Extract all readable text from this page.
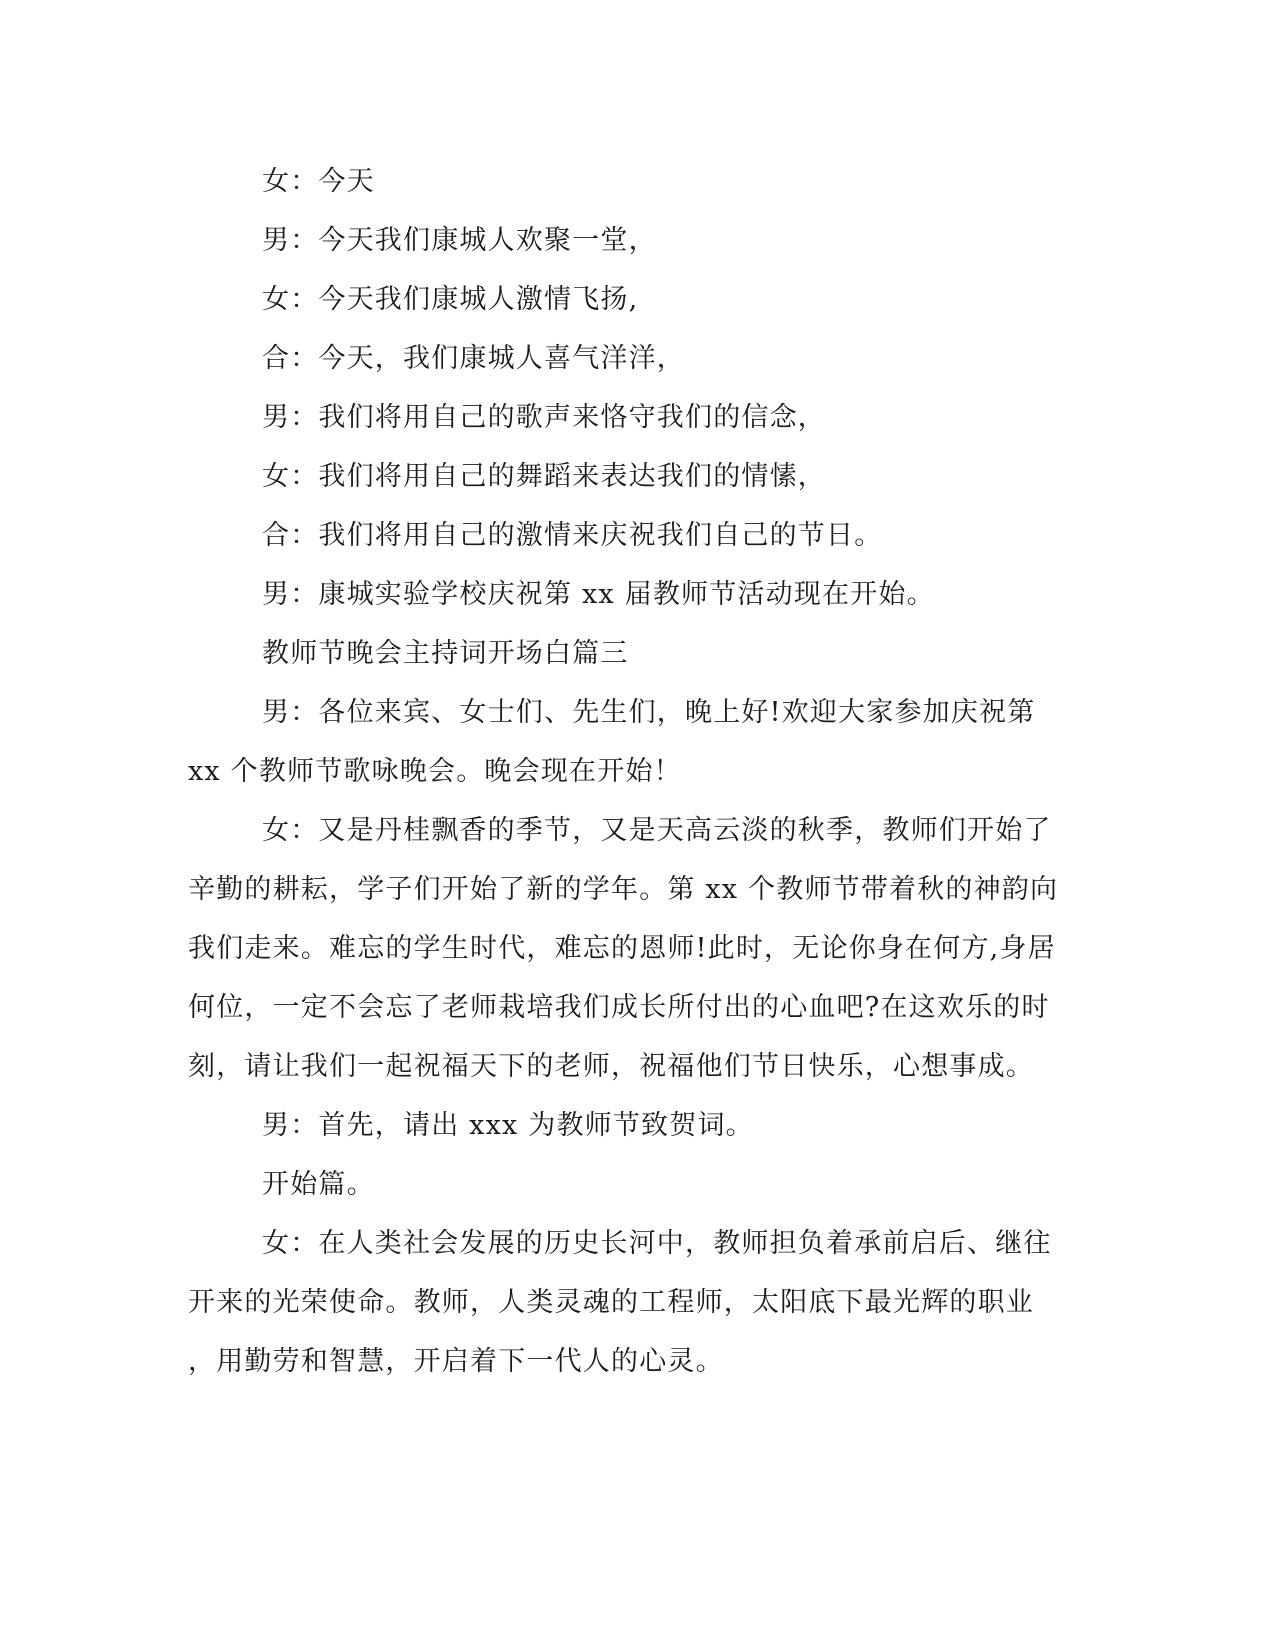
女：今天
男：今天我们康城人欢聚一堂，
女：今天我们康城人激情飞扬,
合：今天，我们康城人喜气洋洋，
男：我们将用自己的歌声来恪守我们的信念，
女：我们将用自己的舞蹈来表达我们的情愫，
合：我们将用自己的激情来庆祝我们自己的节日。
男：康城实验学校庆祝第 xx 届教师节活动现在开始。
教师节晚会主持词开场白篇三
男：各位来宾、女士们、先生们，晚上好!欢迎大家参加庆祝第
xx 个教师节歌咏晚会。晚会现在开始！
女：又是丹桂飘香的季节，又是天高云淡的秋季，教师们开始了
辛勤的耕耘，学子们开始了新的学年。第 xx 个教师节带着秋的神韵向
我们走来。难忘的学生时代，难忘的恩师!此时，无论你身在何方,身居
何位，一定不会忘了老师栽培我们成长所付出的心血吧?在这欢乐的时
刻，请让我们一起祝福天下的老师，祝福他们节日快乐，心想事成。
男：首先，请出 xxx 为教师节致贺词。
开始篇。
女：在人类社会发展的历史长河中，教师担负着承前启后、继往
开来的光荣使命。教师，人类灵魂的工程师，太阳底下最光辉的职业
，用勤劳和智慧，开启着下一代人的心灵。
